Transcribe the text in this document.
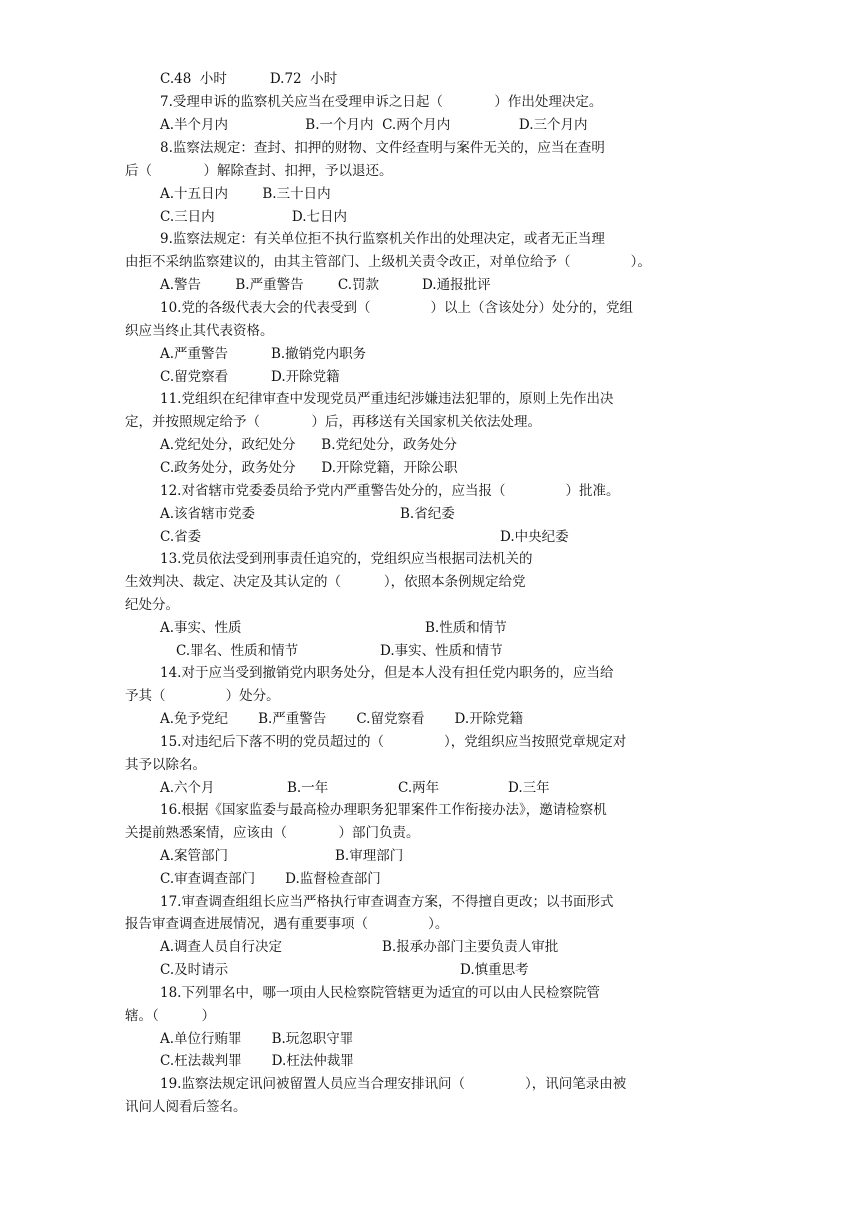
C.48  小时          D.72  小时
7.受理申诉的监察机关应当在受理申诉之日起（            ）作出处理决定。
A.半个月内                  B.一个月内  C.两个月内                D.三个月内
8.监察法规定：查封、扣押的财物、文件经查明与案件无关的，应当在查明
后（            ）解除查封、扣押，予以退还。
A.十五日内        B.三十日内
C.三日内                  D.七日内
9.监察法规定：有关单位拒不执行监察机关作出的处理决定，或者无正当理
由拒不采纳监察建议的，由其主管部门、上级机关责令改正，对单位给予（              ）。
A.警告        B.严重警告        C.罚款          D.通报批评
10.党的各级代表大会的代表受到（              ）以上（含该处分）处分的，党组
织应当终止其代表资格。
A.严重警告          B.撤销党内职务
C.留党察看          D.开除党籍
11.党组织在纪律审查中发现党员严重违纪涉嫌违法犯罪的，原则上先作出决
定，并按照规定给予（            ）后，再移送有关国家机关依法处理。
A.党纪处分，政纪处分      B.党纪处分，政务处分
C.政务处分，政务处分      D.开除党籍，开除公职
12.对省辖市党委委员给予党内严重警告处分的，应当报（              ）批准。
A.该省辖市党委	B.省纪委
C.省委	D.中央纪委
13.党员依法受到刑事责任追究的，党组织应当根据司法机关的
生效判决、裁定、决定及其认定的（          ），依照本条例规定给党
纪处分。
A.事实、性质	B.性质和情节
C.罪名、性质和情节	D.事实、性质和情节
14.对于应当受到撤销党内职务处分，但是本人没有担任党内职务的，应当给
予其（              ）处分。
A.免予党纪       B.严重警告       C.留党察看       D.开除党籍
15.对违纪后下落不明的党员超过的（              ），党组织应当按照党章规定对
其予以除名。
A.六个月	B.一年	C.两年	D.三年
16.根据《国家监委与最高检办理职务犯罪案件工作衔接办法》，邀请检察机
关提前熟悉案情，应该由（            ）部门负责。
A.案管部门	B.审理部门
C.审查调查部门       D.监督检查部门
17.审查调查组组长应当严格执行审查调查方案，不得擅自更改；以书面形式
报告审查调查进展情况，遇有重要事项（              ）。
A.调查人员自行决定	B.报承办部门主要负责人审批
C.及时请示	D.慎重思考
18.下列罪名中，哪一项由人民检察院管辖更为适宜的可以由人民检察院管
辖。（          ）
A.单位行贿罪       B.玩忽职守罪
C.枉法裁判罪       D.枉法仲裁罪
19.监察法规定讯问被留置人员应当合理安排讯问（              ），讯问笔录由被
讯问人阅看后签名。
